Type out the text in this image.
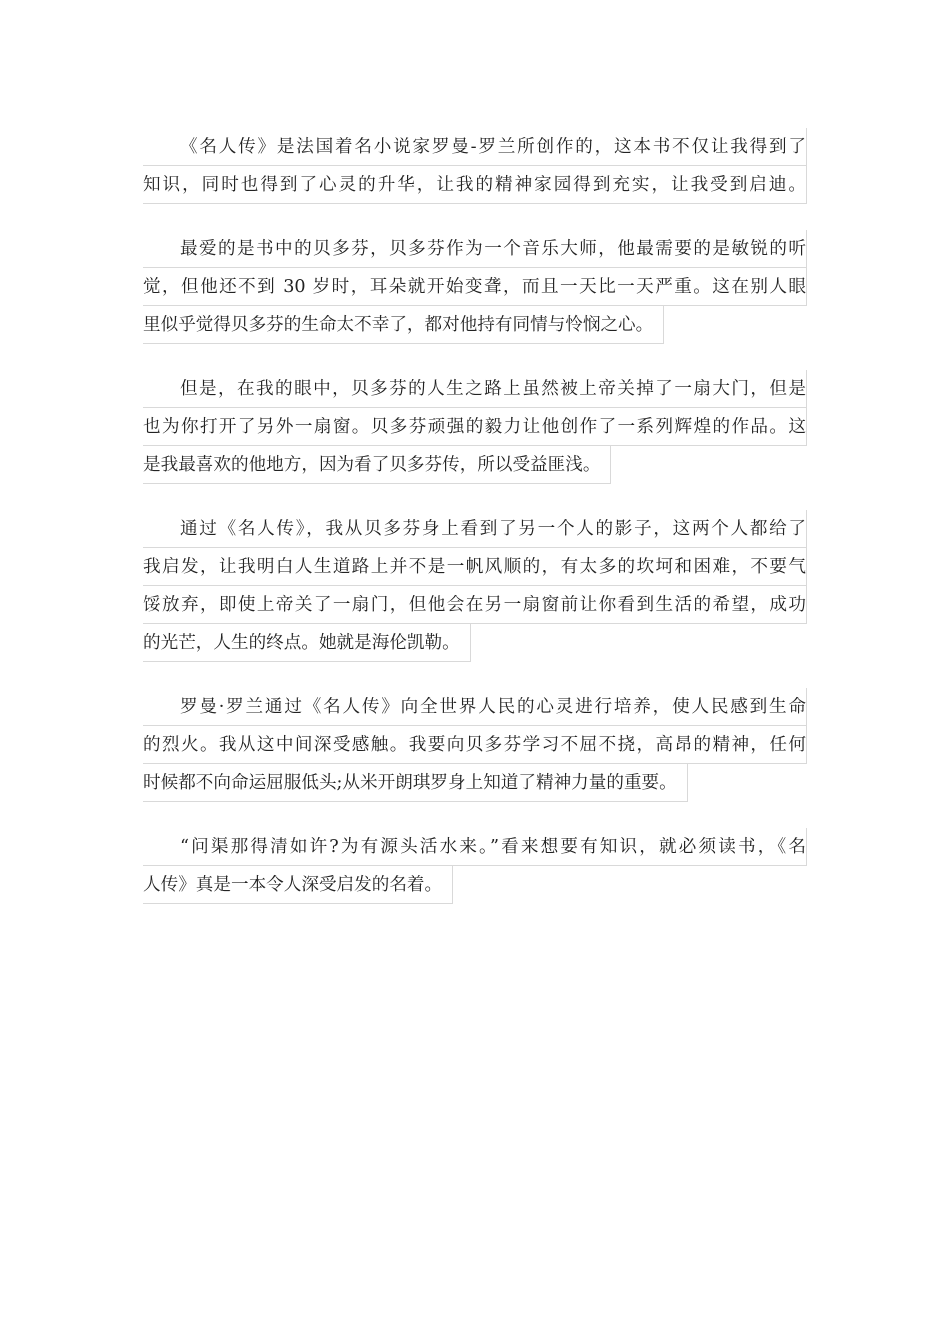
《名人传》是法国着名小说家罗曼-罗兰所创作的，这本书不仅让我得到了
知识，同时也得到了心灵的升华，让我的精神家园得到充实，让我受到启迪。
最爱的是书中的贝多芬，贝多芬作为一个音乐大师，他最需要的是敏锐的听
觉，但他还不到 30 岁时，耳朵就开始变聋，而且一天比一天严重。这在别人眼
里似乎觉得贝多芬的生命太不幸了，都对他持有同情与怜悯之心。
但是，在我的眼中，贝多芬的人生之路上虽然被上帝关掉了一扇大门，但是
也为你打开了另外一扇窗。贝多芬顽强的毅力让他创作了一系列辉煌的作品。这
是我最喜欢的他地方，因为看了贝多芬传，所以受益匪浅。
通过《名人传》，我从贝多芬身上看到了另一个人的影子，这两个人都给了
我启发，让我明白人生道路上并不是一帆风顺的，有太多的坎坷和困难，不要气
馁放弃，即使上帝关了一扇门，但他会在另一扇窗前让你看到生活的希望，成功
的光芒，人生的终点。她就是海伦凯勒。
罗曼·罗兰通过《名人传》向全世界人民的心灵进行培养，使人民感到生命
的烈火。我从这中间深受感触。我要向贝多芬学习不屈不挠，高昂的精神，任何
时候都不向命运屈服低头;从米开朗琪罗身上知道了精神力量的重要。
“问渠那得清如许?为有源头活水来。”看来想要有知识，就必须读书，《名
人传》真是一本令人深受启发的名着。
